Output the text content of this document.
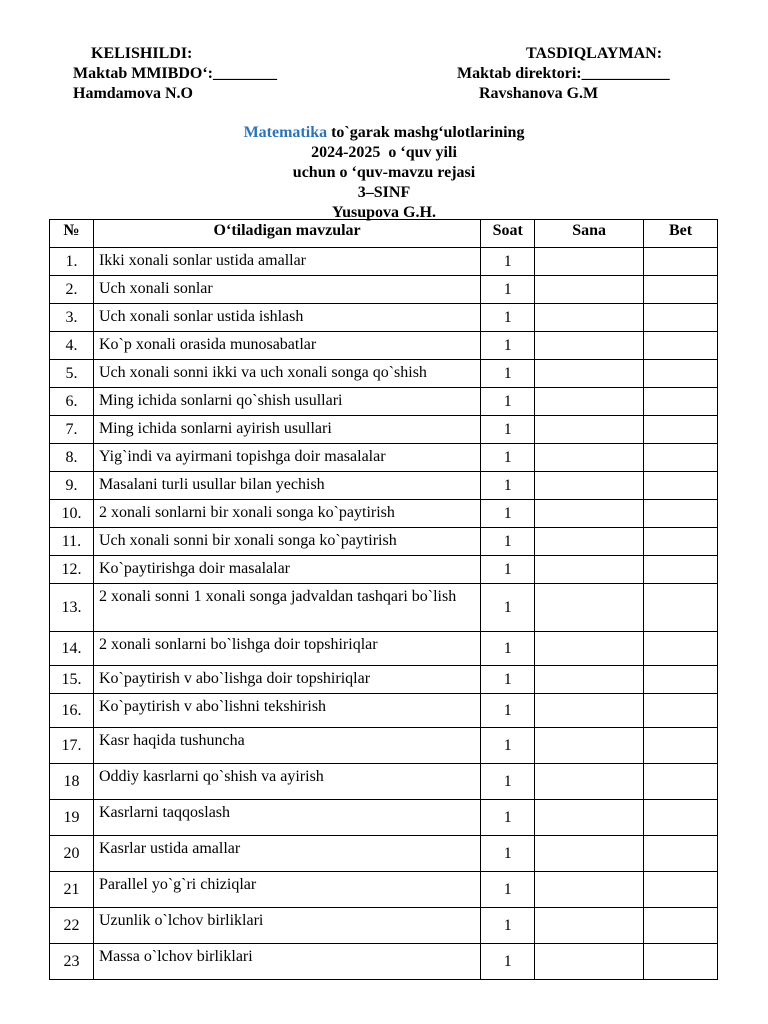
KELISHILDI:
Maktab MMIBDO‘:________
Hamdamova N.O
TASDIQLAYMAN:
Maktab direktori:___________
Ravshanova G.M
Matematika to`garak mashg‘ulotlarining
2024-2025  o ‘quv yili
uchun o ‘quv-mavzu rejasi
3–SINF
Yusupova G.H.
№	O‘tiladigan mavzular	Soat	Sana	Bet
1.	Ikki xonali sonlar ustida amallar	1		
2.	Uch xonali sonlar	1		
3.	Uch xonali sonlar ustida ishlash	1		
4.	Ko`p xonali orasida munosabatlar	1		
5.	Uch xonali sonni ikki va uch xonali songa qo`shish	1		
6.	Ming ichida sonlarni qo`shish usullari	1		
7.	Ming ichida sonlarni ayirish usullari	1		
8.	Yig`indi va ayirmani topishga doir masalalar	1		
9.	Masalani turli usullar bilan yechish	1		
10.	2 xonali sonlarni bir xonali songa ko`paytirish	1		
11.	Uch xonali sonni bir xonali songa ko`paytirish	1		
12.	Ko`paytirishga doir masalalar	1		
13.	2 xonali sonni 1 xonali songa jadvaldan tashqari bo`lish	1		
14.	2 xonali sonlarni bo`lishga doir topshiriqlar	1		
15.	Ko`paytirish v abo`lishga doir topshiriqlar	1		
16.	Ko`paytirish v abo`lishni tekshirish	1		
17.	Kasr haqida tushuncha	1		
18	Oddiy kasrlarni qo`shish va ayirish	1		
19	Kasrlarni taqqoslash	1		
20	Kasrlar ustida amallar	1		
21	Parallel yo`g`ri chiziqlar	1		
22	Uzunlik o`lchov birliklari	1		
23	Massa o`lchov birliklari	1		
